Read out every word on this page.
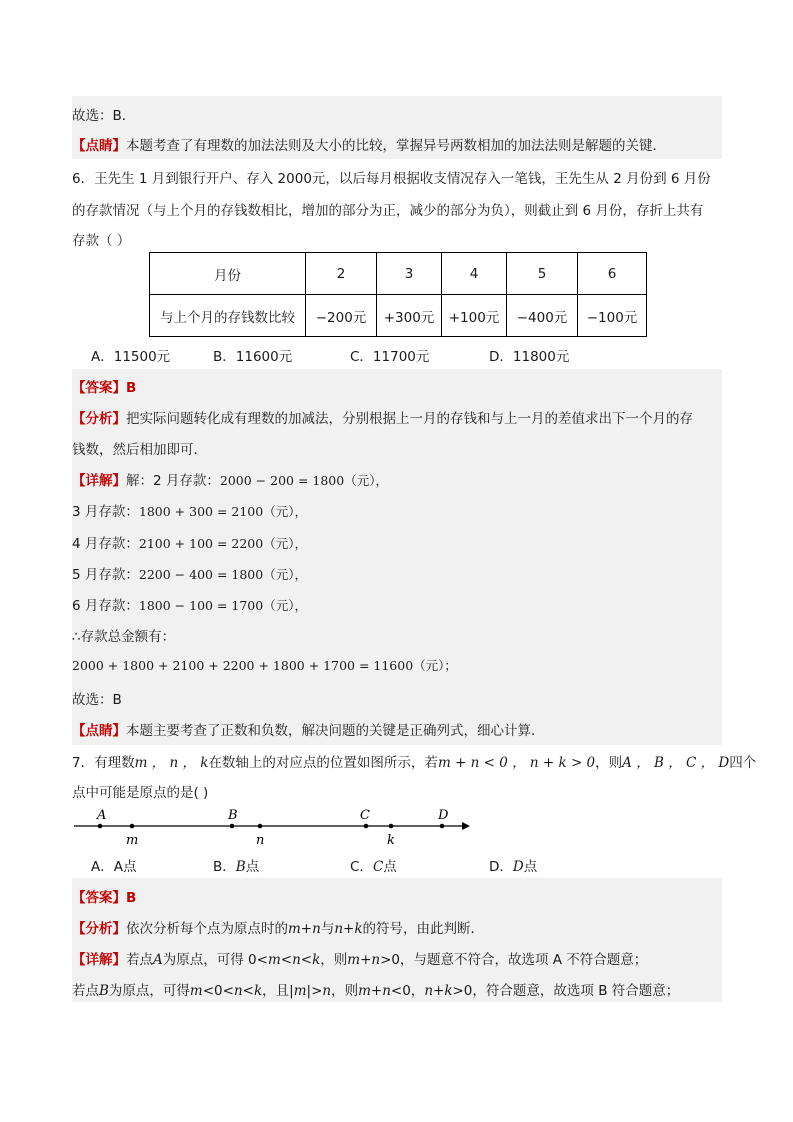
故选：B．
【点睛】本题考查了有理数的加法法则及大小的比较，掌握异号两数相加的加法法则是解题的关键．
6．王先生 1 月到银行开户、存入 2000元，以后每月根据收支情况存入一笔钱，王先生从 2 月份到 6 月份
的存款情况（与上个月的存钱数相比，增加的部分为正，减少的部分为负），则截止到 6 月份，存折上共有
存款（ ）
月份	2	3	4	5	6
与上个月的存钱数比较	−200元	+300元	+100元	−400元	−100元
A．11500元	B．11600元	C．11700元	D．11800元
【答案】B
【分析】把实际问题转化成有理数的加减法，分别根据上一月的存钱和与上一月的差值求出下一个月的存
钱数，然后相加即可．
【详解】解：2 月存款：2000 − 200 = 1800（元），
3 月存款：1800 + 300 = 2100（元），
4 月存款：2100 + 100 = 2200（元），
5 月存款：2200 − 400 = 1800（元），
6 月存款：1800 − 100 = 1700（元），
∴存款总金额有：
2000 + 1800 + 2100 + 2200 + 1800 + 1700 = 11600（元）；
故选：B
【点睛】本题主要考查了正数和负数，解决问题的关键是正确列式，细心计算．
7．有理数m ， n ， k在数轴上的对应点的位置如图所示，若m + n < 0 ， n + k > 0，则A ， B ， C ， D四个
点中可能是原点的是( )
A
m
B
n
C
k
D
A．A点	B．B点	C．C点	D．D点
【答案】B
【分析】依次分析每个点为原点时的m+n与n+k的符号，由此判断．
【详解】若点A为原点，可得 0<m<n<k，则m+n>0，与题意不符合，故选项 A 不符合题意；
若点B为原点，可得m<0<n<k，且|m|>n，则m+n<0，n+k>0，符合题意，故选项 B 符合题意；
